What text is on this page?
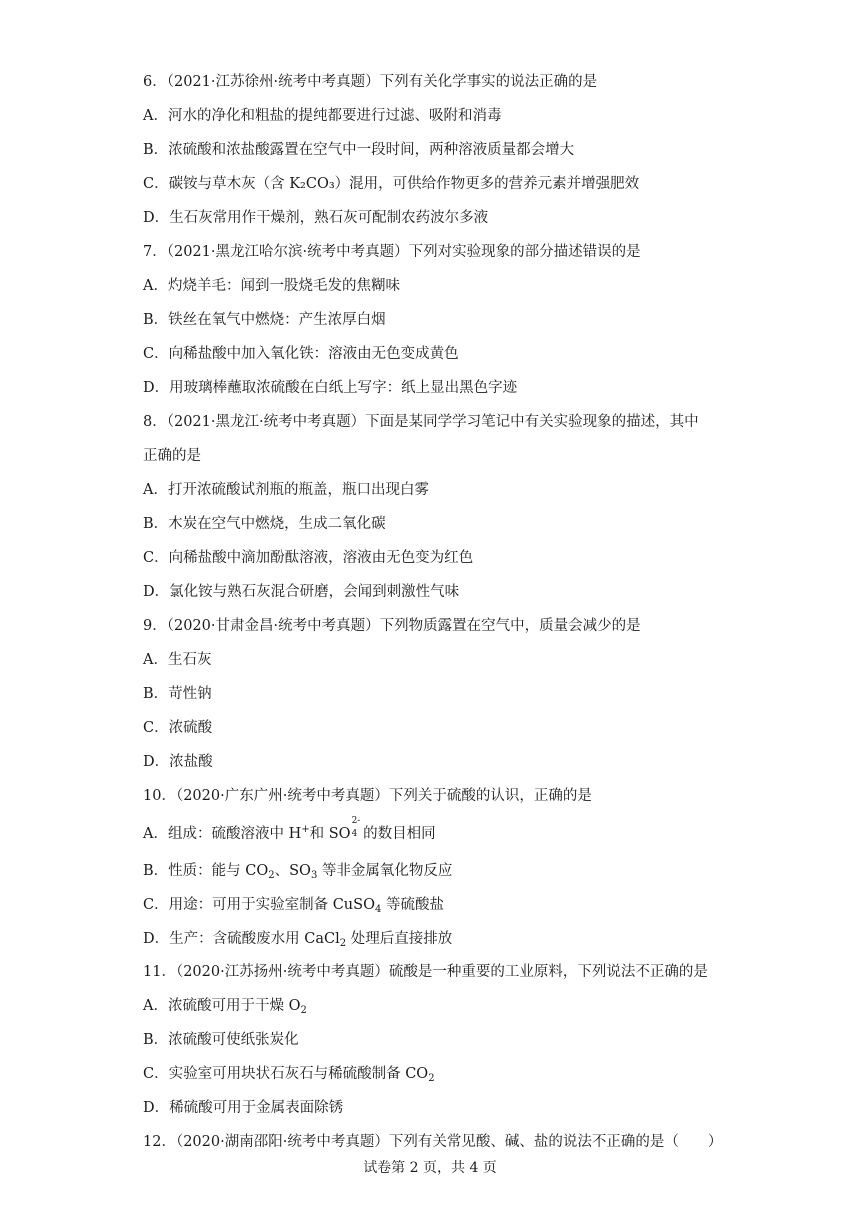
6．（2021·江苏徐州·统考中考真题）下列有关化学事实的说法正确的是
A．河水的净化和粗盐的提纯都要进行过滤、吸附和消毒
B．浓硫酸和浓盐酸露置在空气中一段时间，两种溶液质量都会增大
C．碳铵与草木灰（含 K₂CO₃）混用，可供给作物更多的营养元素并增强肥效
D．生石灰常用作干燥剂，熟石灰可配制农药波尔多液
7．（2021·黑龙江哈尔滨·统考中考真题）下列对实验现象的部分描述错误的是
A．灼烧羊毛：闻到一股烧毛发的焦糊味
B．铁丝在氧气中燃烧：产生浓厚白烟
C．向稀盐酸中加入氧化铁：溶液由无色变成黄色
D．用玻璃棒蘸取浓硫酸在白纸上写字：纸上显出黑色字迹
8．（2021·黑龙江·统考中考真题）下面是某同学学习笔记中有关实验现象的描述，其中
正确的是
A．打开浓硫酸试剂瓶的瓶盖，瓶口出现白雾
B．木炭在空气中燃烧，生成二氧化碳
C．向稀盐酸中滴加酚酞溶液，溶液由无色变为红色
D．氯化铵与熟石灰混合研磨，会闻到刺激性气味
9．（2020·甘肃金昌·统考中考真题）下列物质露置在空气中，质量会减少的是
A．生石灰
B．苛性钠
C．浓硫酸
D．浓盐酸
10．（2020·广东广州·统考中考真题）下列关于硫酸的认识，正确的是
A．组成：硫酸溶液中 H+和 SO
2-
4 的数目相同
B．性质：能与 $CO_2$、$SO_3$ 等非金属氧化物反应
C．用途：可用于实验室制备 CuSO$_4$ 等硫酸盐
D．生产：含硫酸废水用 CaCl$_2$ 处理后直接排放
11．（2020·江苏扬州·统考中考真题）硫酸是一种重要的工业原料，下列说法不正确的是
A．浓硫酸可用于干燥 $O_2$
B．浓硫酸可使纸张炭化
C．实验室可用块状石灰石与稀硫酸制备 $CO_2$
D．稀硫酸可用于金属表面除锈
12．（2020·湖南邵阳·统考中考真题）下列有关常见酸、碱、盐的说法不正确的是（　　）
试卷第 2 页，共 4 页
